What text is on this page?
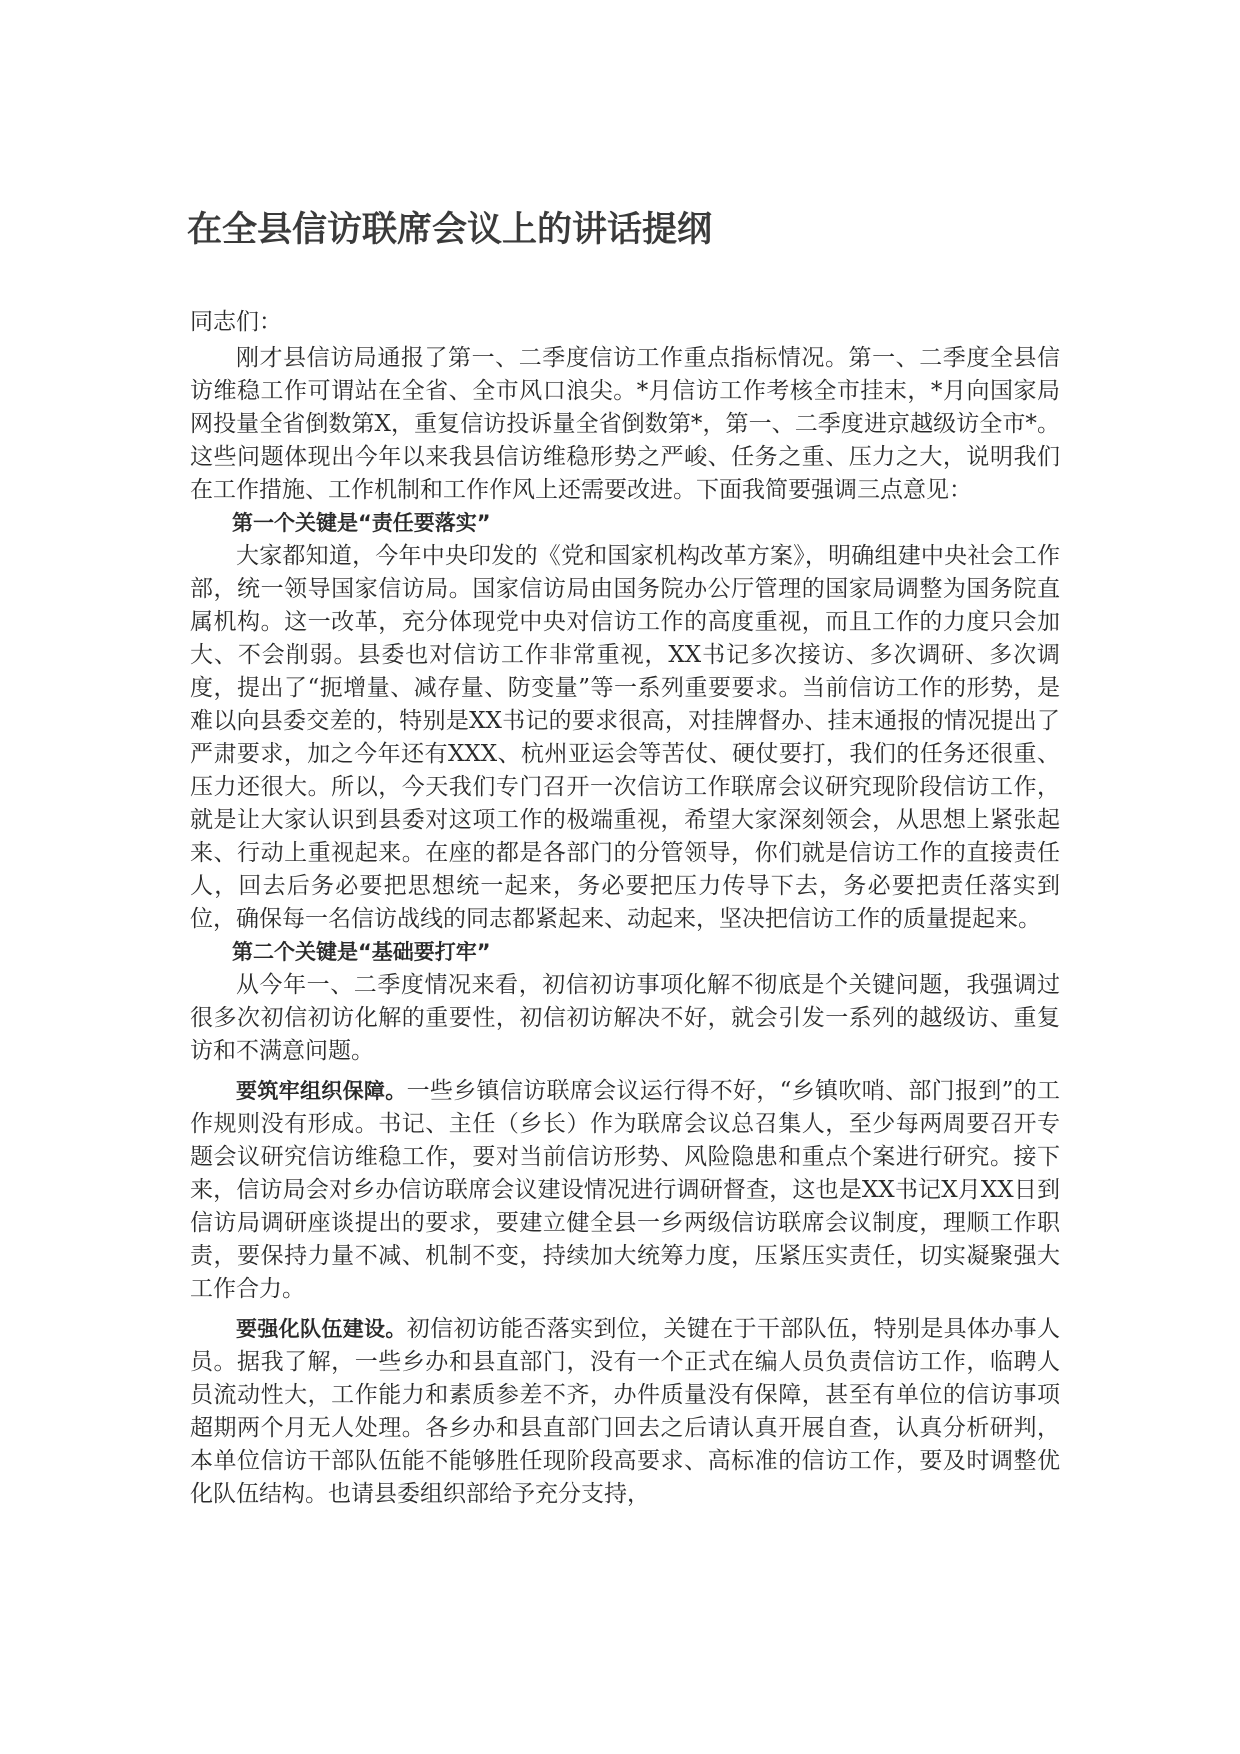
在全县信访联席会议上的讲话提纲

同志们：

刚才县信访局通报了第一、二季度信访工作重点指标情况。第一、二季度全县信访维稳工作可谓站在全省、全市风口浪尖。*月信访工作考核全市挂末，*月向国家局网投量全省倒数第X，重复信访投诉量全省倒数第*，第一、二季度进京越级访全市*。这些问题体现出今年以来我县信访维稳形势之严峻、任务之重、压力之大，说明我们在工作措施、工作机制和工作作风上还需要改进。下面我简要强调三点意见：

第一个关键是“责任要落实”

大家都知道，今年中央印发的《党和国家机构改革方案》，明确组建中央社会工作部，统一领导国家信访局。国家信访局由国务院办公厅管理的国家局调整为国务院直属机构。这一改革，充分体现党中央对信访工作的高度重视，而且工作的力度只会加大、不会削弱。县委也对信访工作非常重视，XX书记多次接访、多次调研、多次调度，提出了“扼增量、减存量、防变量”等一系列重要要求。当前信访工作的形势，是难以向县委交差的，特别是XX书记的要求很高，对挂牌督办、挂末通报的情况提出了严肃要求，加之今年还有XXX、杭州亚运会等苦仗、硬仗要打，我们的任务还很重、压力还很大。所以，今天我们专门召开一次信访工作联席会议研究现阶段信访工作，就是让大家认识到县委对这项工作的极端重视，希望大家深刻领会，从思想上紧张起来、行动上重视起来。在座的都是各部门的分管领导，你们就是信访工作的直接责任人，回去后务必要把思想统一起来，务必要把压力传导下去，务必要把责任落实到位，确保每一名信访战线的同志都紧起来、动起来，坚决把信访工作的质量提起来。

第二个关键是“基础要打牢”

从今年一、二季度情况来看，初信初访事项化解不彻底是个关键问题，我强调过很多次初信初访化解的重要性，初信初访解决不好，就会引发一系列的越级访、重复访和不满意问题。

要筑牢组织保障。一些乡镇信访联席会议运行得不好，“乡镇吹哨、部门报到”的工作规则没有形成。书记、主任（乡长）作为联席会议总召集人，至少每两周要召开专题会议研究信访维稳工作，要对当前信访形势、风险隐患和重点个案进行研究。接下来，信访局会对乡办信访联席会议建设情况进行调研督查，这也是XX书记X月XX日到信访局调研座谈提出的要求，要建立健全县一乡两级信访联席会议制度，理顺工作职责，要保持力量不减、机制不变，持续加大统筹力度，压紧压实责任，切实凝聚强大工作合力。

要强化队伍建设。初信初访能否落实到位，关键在于干部队伍，特别是具体办事人员。据我了解，一些乡办和县直部门，没有一个正式在编人员负责信访工作，临聘人员流动性大，工作能力和素质参差不齐，办件质量没有保障，甚至有单位的信访事项超期两个月无人处理。各乡办和县直部门回去之后请认真开展自查，认真分析研判，本单位信访干部队伍能不能够胜任现阶段高要求、高标准的信访工作，要及时调整优化队伍结构。也请县委组织部给予充分支持，
